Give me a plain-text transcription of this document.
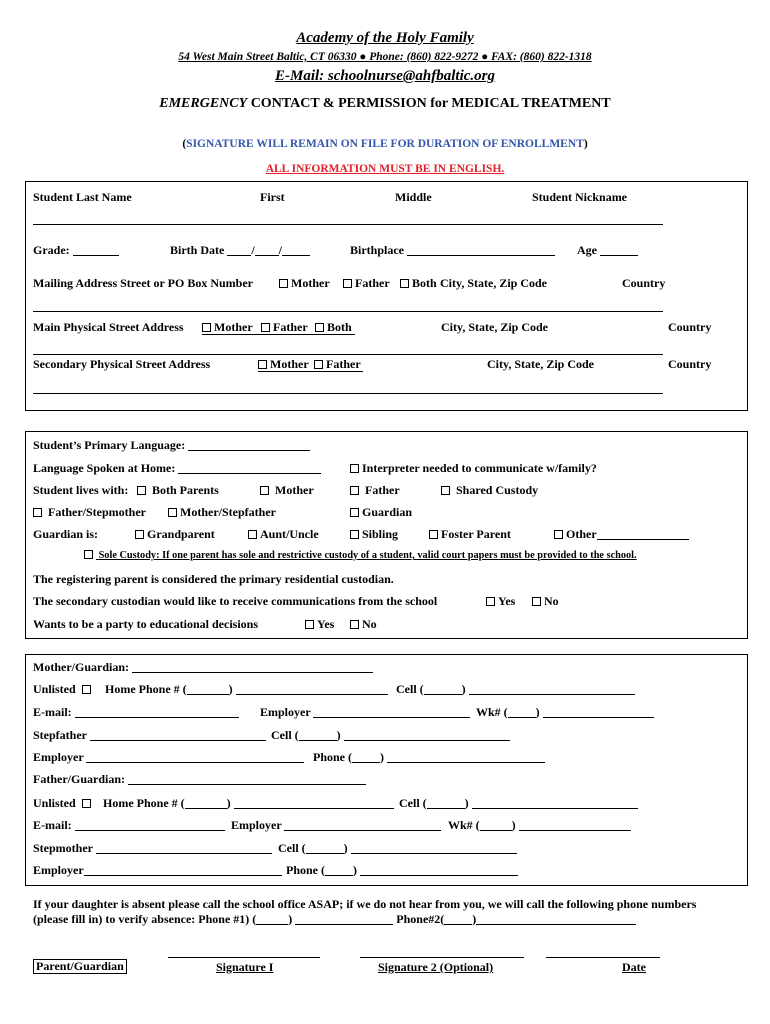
Academy of the Holy Family
54 West Main Street Baltic, CT 06330 ● Phone: (860) 822-9272 ● FAX: (860) 822-1318
E-Mail: schoolnurse@ahfbaltic.org
EMERGENCY CONTACT & PERMISSION for MEDICAL TREATMENT
(SIGNATURE WILL REMAIN ON FILE FOR DURATION OF ENROLLMENT)
ALL INFORMATION MUST BE IN ENGLISH.
Student Last Name	First	Middle	Student Nickname
Grade:	Birth Date / /	Birthplace	Age
Mailing Address Street or PO Box Number	Mother	Father	Both City, State, Zip Code	Country
Main Physical Street Address	Mother	Father	Both	City, State, Zip Code	Country
Secondary Physical Street Address	Mother	Father	City, State, Zip Code	Country
Student’s Primary Language:
Language Spoken at Home:	Interpreter needed to communicate w/family?
Student lives with:	Both Parents	Mother	Father	Shared Custody
Father/Stepmother	Mother/Stepfather	Guardian
Guardian is:	Grandparent	Aunt/Uncle	Sibling	Foster Parent	Other
Sole Custody: If one parent has sole and restrictive custody of a student, valid court papers must be provided to the school.
The registering parent is considered the primary residential custodian.
The secondary custodian would like to receive communications from the school	Yes	No
Wants to be a party to educational decisions	Yes	No
Mother/Guardian:
Unlisted	Home Phone # (	)	Cell (	)
E-mail:	Employer	Wk# ( )
Stepfather	Cell (	)
Employer	Phone ( )
Father/Guardian:
Unlisted	Home Phone # (	)	Cell (	)
E-mail:	Employer	Wk# (	)
Stepmother	Cell (	)
Employer	Phone ( )
If your daughter is absent please call the school office ASAP; if we do not hear from you, we will call the following phone numbers
(please fill in) to verify absence: Phone #1) (	)	Phone#2( )
Parent/Guardian	Signature I	Signature 2 (Optional)	Date
